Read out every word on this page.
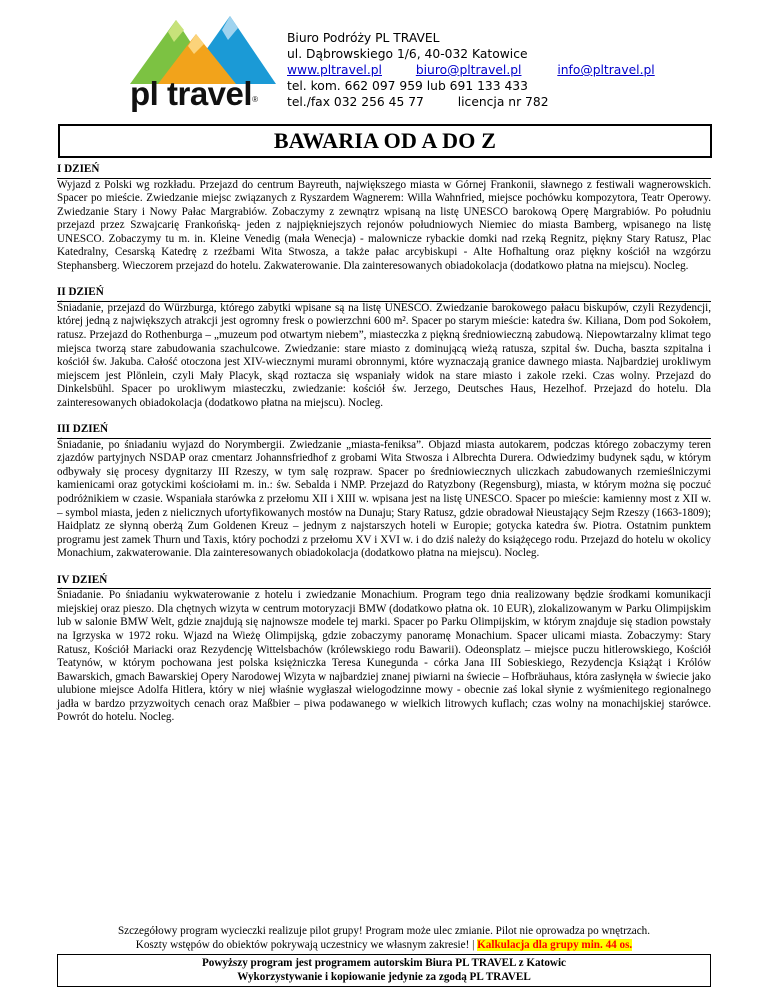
pl travel®
Biuro Podróży PL TRAVEL
ul. Dąbrowskiego 1/6, 40-032 Katowice
www.pltravel.pl	biuro@pltravel.pl	info@pltravel.pl
tel. kom. 662 097 959 lub 691 133 433
tel./fax 032 256 45 77	licencja nr 782
BAWARIA OD A DO Z
I DZIEŃ

Wyjazd z Polski wg rozkładu. Przejazd do centrum Bayreuth, największego miasta w Górnej Frankonii, sławnego z festiwali wagnerowskich. Spacer po mieście. Zwiedzanie miejsc związanych z Ryszardem Wagnerem: Willa Wahnfried, miejsce pochówku kompozytora, Teatr Operowy. Zwiedzanie Stary i Nowy Pałac Margrabiów. Zobaczymy z zewnątrz wpisaną na listę UNESCO barokową Operę Margrabiów. Po południu przejazd przez Szwajcarię Frankońską- jeden z najpiękniejszych rejonów południowych Niemiec do miasta Bamberg, wpisanego na listę UNESCO. Zobaczymy tu m. in. Kleine Venedig (mała Wenecja) - malownicze rybackie domki nad rzeką Regnitz, piękny Stary Ratusz, Plac Katedralny, Cesarską Katedrę z rzeźbami Wita Stwosza, a także pałac arcybiskupi - Alte Hofhaltung oraz piękny kościół na wzgórzu Stephansberg. Wieczorem przejazd do hotelu. Zakwaterowanie. Dla zainteresowanych obiadokolacja (dodatkowo płatna na miejscu). Nocleg.

II DZIEŃ

Śniadanie, przejazd do Würzburga, którego zabytki wpisane są na listę UNESCO. Zwiedzanie barokowego pałacu biskupów, czyli Rezydencji, której jedną z największych atrakcji jest ogromny fresk o powierzchni 600 m². Spacer po starym mieście: katedra św. Kiliana, Dom pod Sokołem, ratusz. Przejazd do Rothenburga – „muzeum pod otwartym niebem”, miasteczka z piękną średniowieczną zabudową. Niepowtarzalny klimat tego miejsca tworzą stare zabudowania szachulcowe. Zwiedzanie: stare miasto z dominującą wieżą ratusza, szpital św. Ducha, baszta szpitalna i kościół św. Jakuba. Całość otoczona jest XIV-wiecznymi murami obronnymi, które wyznaczają granice dawnego miasta. Najbardziej urokliwym miejscem jest Plönlein, czyli Mały Placyk, skąd roztacza się wspaniały widok na stare miasto i zakole rzeki. Czas wolny. Przejazd do Dinkelsbühl. Spacer po urokliwym miasteczku, zwiedzanie: kościół św. Jerzego, Deutsches Haus, Hezelhof. Przejazd do hotelu. Dla zainteresowanych obiadokolacja (dodatkowo płatna na miejscu). Nocleg.

III DZIEŃ

Śniadanie, po śniadaniu wyjazd do Norymbergii. Zwiedzanie „miasta-feniksa”. Objazd miasta autokarem, podczas którego zobaczymy teren zjazdów partyjnych NSDAP oraz cmentarz Johannsfriedhof z grobami Wita Stwosza i Albrechta Durera. Odwiedzimy budynek sądu, w którym odbywały się procesy dygnitarzy III Rzeszy, w tym salę rozpraw. Spacer po średniowiecznych uliczkach zabudowanych rzemieślniczymi kamienicami oraz gotyckimi kościołami m. in.: św. Sebalda i NMP. Przejazd do Ratyzbony (Regensburg), miasta, w którym można się poczuć podróżnikiem w czasie. Wspaniała starówka z przełomu XII i XIII w. wpisana jest na listę UNESCO. Spacer po mieście: kamienny most z XII w. – symbol miasta, jeden z nielicznych ufortyfikowanych mostów na Dunaju; Stary Ratusz, gdzie obradował Nieustający Sejm Rzeszy (1663-1809); Haidplatz ze słynną oberżą Zum Goldenen Kreuz – jednym z najstarszych hoteli w Europie; gotycka katedra św. Piotra. Ostatnim punktem programu jest zamek Thurn und Taxis, który pochodzi z przełomu XV i XVI w. i do dziś należy do książęcego rodu. Przejazd do hotelu w okolicy Monachium, zakwaterowanie. Dla zainteresowanych obiadokolacja (dodatkowo płatna na miejscu). Nocleg.

IV DZIEŃ

Śniadanie. Po śniadaniu wykwaterowanie z hotelu i zwiedzanie Monachium. Program tego dnia realizowany będzie środkami komunikacji miejskiej oraz pieszo. Dla chętnych wizyta w centrum motoryzacji BMW (dodatkowo płatna ok. 10 EUR), zlokalizowanym w Parku Olimpijskim lub w salonie BMW Welt, gdzie znajdują się najnowsze modele tej marki. Spacer po Parku Olimpijskim, w którym znajduje się stadion powstały na Igrzyska w 1972 roku. Wjazd na Wieżę Olimpijską, gdzie zobaczymy panoramę Monachium. Spacer ulicami miasta. Zobaczymy: Stary Ratusz, Kościół Mariacki oraz Rezydencję Wittelsbachów (królewskiego rodu Bawarii). Odeonsplatz – miejsce puczu hitlerowskiego, Kościół Teatynów, w którym pochowana jest polska księżniczka Teresa Kunegunda - córka Jana III Sobieskiego, Rezydencja Książąt i Królów Bawarskich, gmach Bawarskiej Opery Narodowej Wizyta w najbardziej znanej piwiarni na świecie – Hofbräuhaus, która zasłynęła w świecie jako ulubione miejsce Adolfa Hitlera, który w niej właśnie wygłaszał wielogodzinne mowy - obecnie zaś lokal słynie z wyśmienitego regionalnego jadła w bardzo przyzwoitych cenach oraz Maßbier – piwa podawanego w wielkich litrowych kuflach; czas wolny na monachijskiej starówce. Powrót do hotelu. Nocleg.

Szczegółowy program wycieczki realizuje pilot grupy! Program może ulec zmianie. Pilot nie oprowadza po wnętrzach.
Koszty wstępów do obiektów pokrywają uczestnicy we własnym zakresie! | Kalkulacja dla grupy min. 44 os.
Powyższy program jest programem autorskim Biura PL TRAVEL z Katowic
Wykorzystywanie i kopiowanie jedynie za zgodą PL TRAVEL
